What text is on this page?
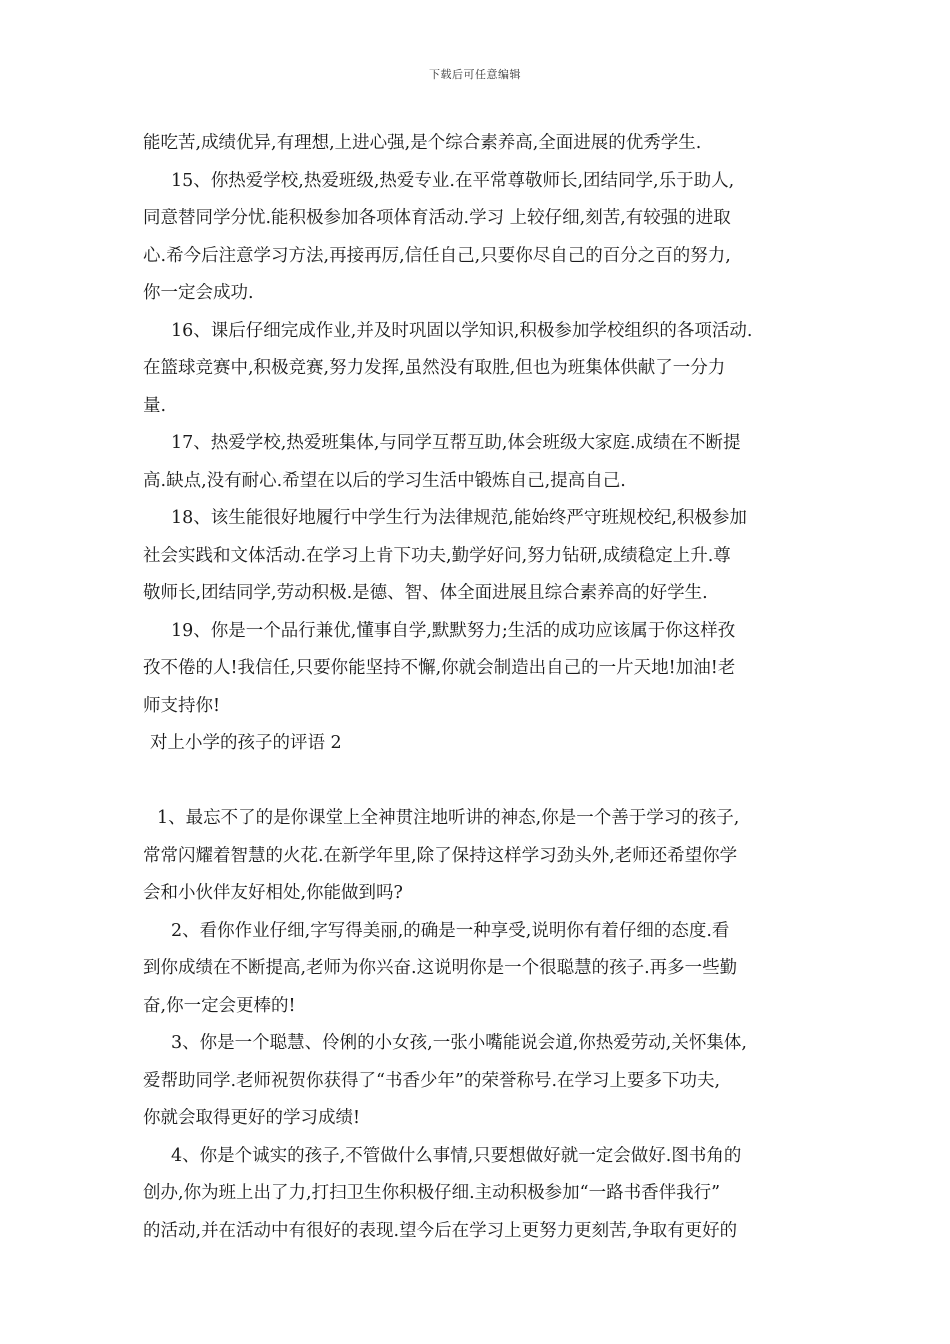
下载后可任意编辑
能吃苦,成绩优异,有理想,上进心强,是个综合素养高,全面进展的优秀学生.
15、你热爱学校,热爱班级,热爱专业.在平常尊敬师长,团结同学,乐于助人,
同意替同学分忧.能积极参加各项体育活动.学习 上较仔细,刻苦,有较强的进取
心.希今后注意学习方法,再接再厉,信任自己,只要你尽自己的百分之百的努力,
你一定会成功.
16、课后仔细完成作业,并及时巩固以学知识,积极参加学校组织的各项活动.
在篮球竞赛中,积极竞赛,努力发挥,虽然没有取胜,但也为班集体供献了一分力
量.
17、热爱学校,热爱班集体,与同学互帮互助,体会班级大家庭.成绩在不断提
高.缺点,没有耐心.希望在以后的学习生活中锻炼自己,提高自己.
18、该生能很好地履行中学生行为法律规范,能始终严守班规校纪,积极参加
社会实践和文体活动.在学习上肯下功夫,勤学好问,努力钻研,成绩稳定上升.尊
敬师长,团结同学,劳动积极.是德、智、体全面进展且综合素养高的好学生.
19、你是一个品行兼优,懂事自学,默默努力;生活的成功应该属于你这样孜
孜不倦的人!我信任,只要你能坚持不懈,你就会制造出自己的一片天地!加油!老
师支持你!
对上小学的孩子的评语 2
1、最忘不了的是你课堂上全神贯注地听讲的神态,你是一个善于学习的孩子,
常常闪耀着智慧的火花.在新学年里,除了保持这样学习劲头外,老师还希望你学
会和小伙伴友好相处,你能做到吗?
2、看你作业仔细,字写得美丽,的确是一种享受,说明你有着仔细的态度.看
到你成绩在不断提高,老师为你兴奋.这说明你是一个很聪慧的孩子.再多一些勤
奋,你一定会更棒的!
3、你是一个聪慧、伶俐的小女孩,一张小嘴能说会道,你热爱劳动,关怀集体,
爱帮助同学.老师祝贺你获得了“书香少年”的荣誉称号.在学习上要多下功夫,
你就会取得更好的学习成绩!
4、你是个诚实的孩子,不管做什么事情,只要想做好就一定会做好.图书角的
创办,你为班上出了力,打扫卫生你积极仔细.主动积极参加“一路书香伴我行”
的活动,并在活动中有很好的表现.望今后在学习上更努力更刻苦,争取有更好的
